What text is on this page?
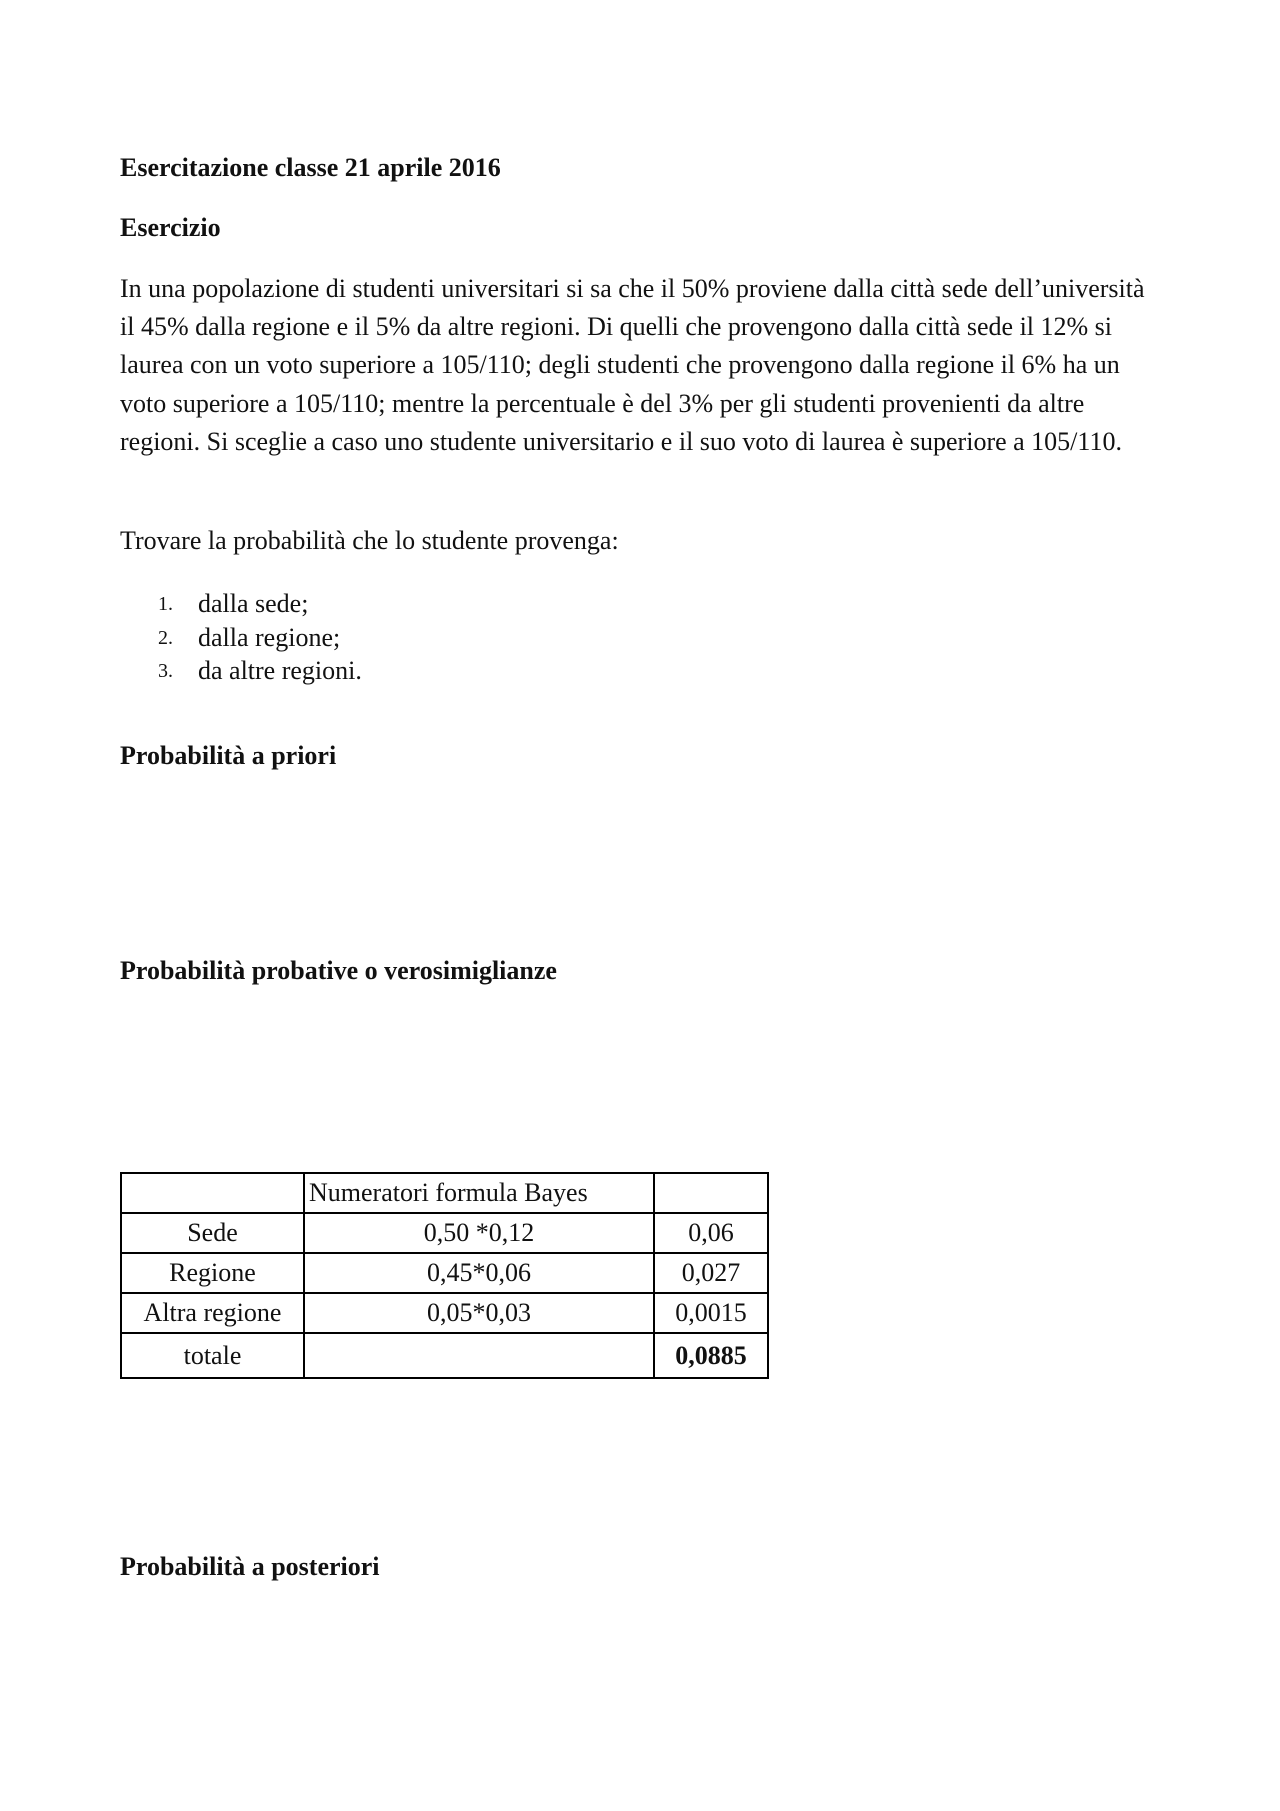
Esercitazione classe 21 aprile 2016
Esercizio

In una popolazione di studenti universitari si sa che il 50% proviene dalla città sede dell’università il 45% dalla regione e il 5% da altre regioni. Di quelli che provengono dalla città sede il 12% si laurea con un voto superiore a 105/110; degli studenti che provengono dalla regione il 6% ha un voto superiore a 105/110; mentre la percentuale è del 3% per gli studenti provenienti da altre regioni. Si sceglie a caso uno studente universitario e il suo voto di laurea è superiore a 105/110.

Trovare la probabilità che lo studente provenga:

1. dalla sede;
2. dalla regione;
3. da altre regioni.
Probabilità a priori
Probabilità probative o verosimiglianze
	Numeratori formula Bayes	
Sede	0,50 *0,12	0,06
Regione	0,45*0,06	0,027
Altra regione	0,05*0,03	0,0015
totale		0,0885
Probabilità a posteriori
